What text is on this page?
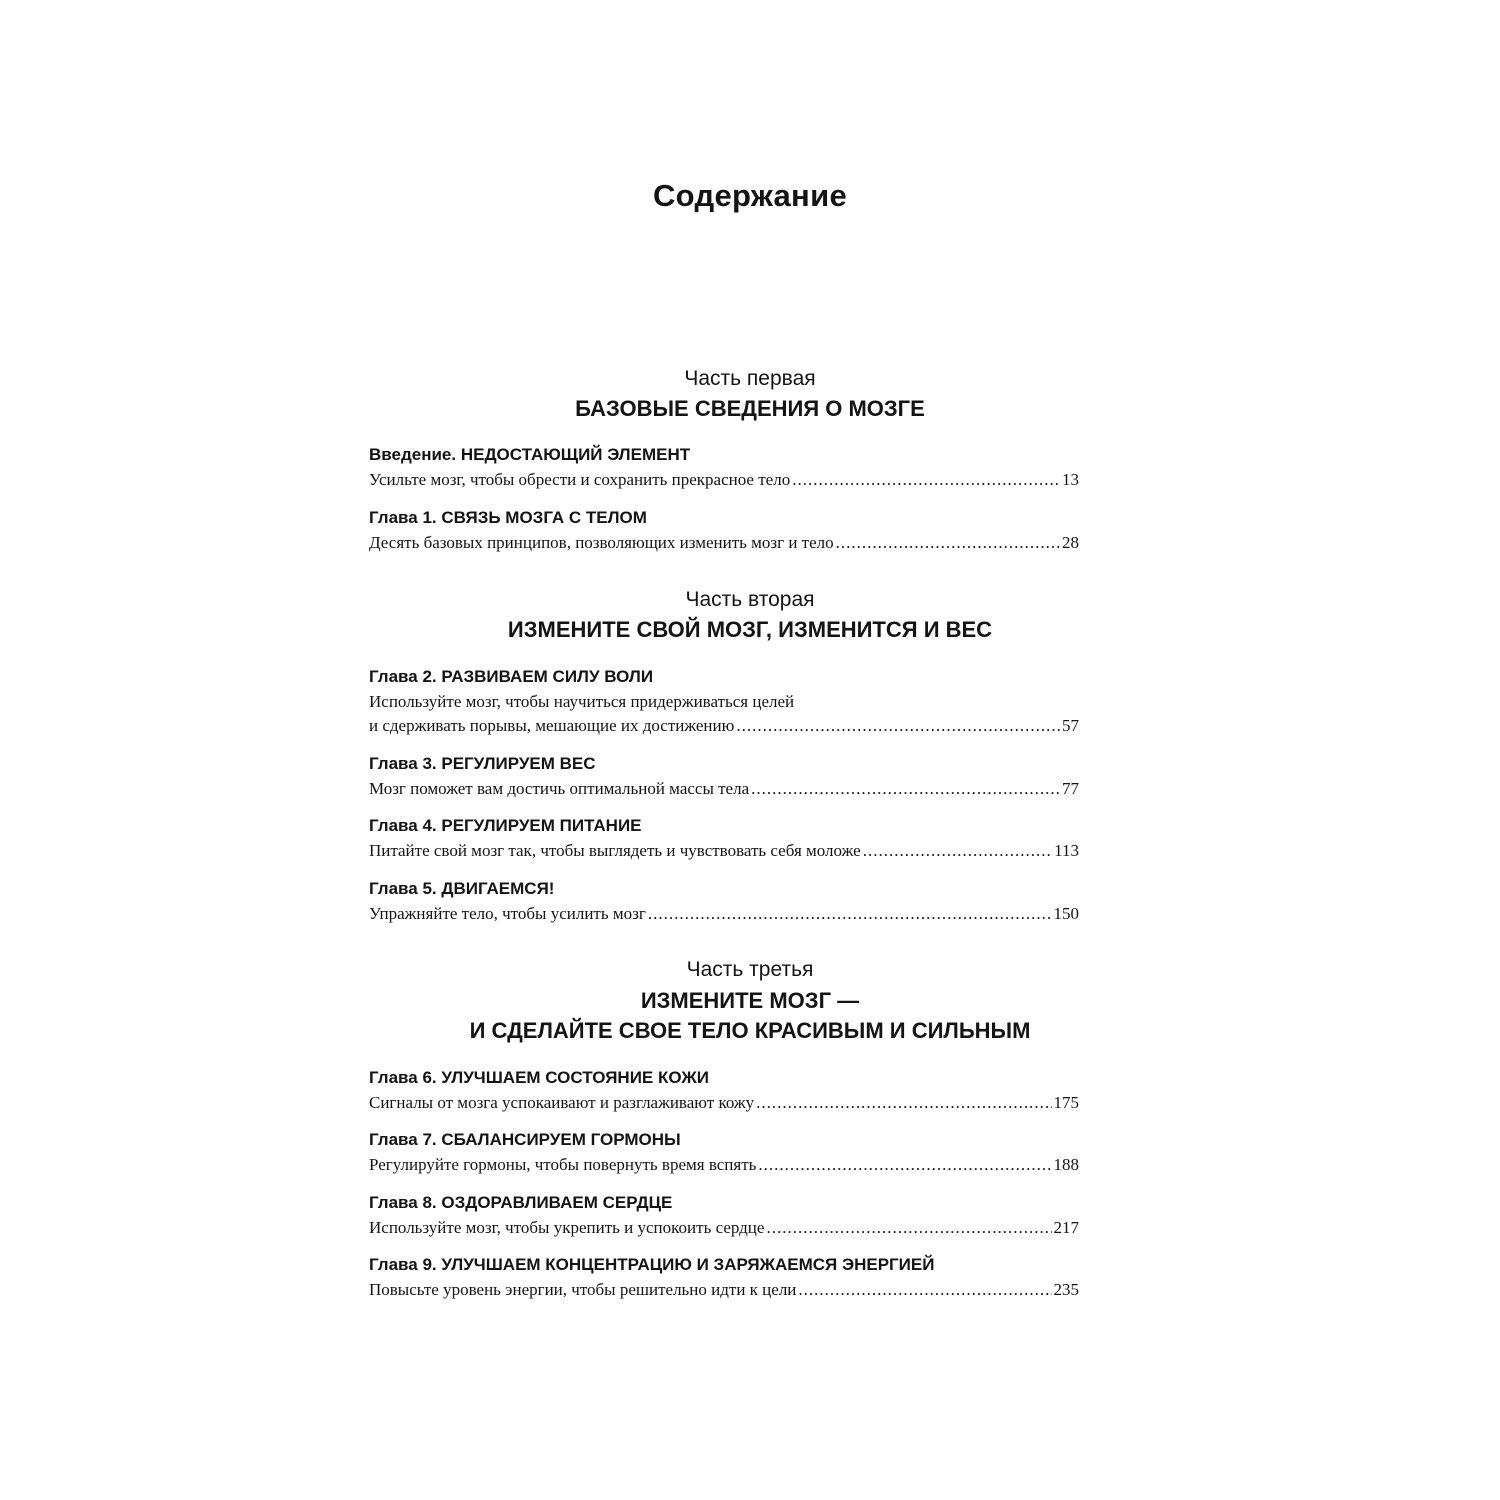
Содержание
Часть первая
БАЗОВЫЕ СВЕДЕНИЯ О МОЗГЕ
Введение. НЕДОСТАЮЩИЙ ЭЛЕМЕНТ
Усильте мозг, чтобы обрести и сохранить прекрасное тело .....	13
Глава 1. СВЯЗЬ МОЗГА С ТЕЛОМ
Десять базовых принципов, позволяющих изменить мозг и тело .....	28
Часть вторая
ИЗМЕНИТЕ СВОЙ МОЗГ, ИЗМЕНИТСЯ И ВЕС
Глава 2. РАЗВИВАЕМ СИЛУ ВОЛИ
Используйте мозг, чтобы научиться придерживаться целей
и сдерживать порывы, мешающие их достижению .....	57
Глава 3. РЕГУЛИРУЕМ ВЕС
Мозг поможет вам достичь оптимальной массы тела .....	77
Глава 4. РЕГУЛИРУЕМ ПИТАНИЕ
Питайте свой мозг так, чтобы выглядеть и чувствовать себя моложе .....	113
Глава 5. ДВИГАЕМСЯ!
Упражняйте тело, чтобы усилить мозг .....	150
Часть третья
ИЗМЕНИТЕ МОЗГ —
И СДЕЛАЙТЕ СВОЕ ТЕЛО КРАСИВЫМ И СИЛЬНЫМ
Глава 6. УЛУЧШАЕМ СОСТОЯНИЕ КОЖИ
Сигналы от мозга успокаивают и разглаживают кожу .....	175
Глава 7. СБАЛАНСИРУЕМ ГОРМОНЫ
Регулируйте гормоны, чтобы повернуть время вспять .....	188
Глава 8. ОЗДОРАВЛИВАЕМ СЕРДЦЕ
Используйте мозг, чтобы укрепить и успокоить сердце .....	217
Глава 9. УЛУЧШАЕМ КОНЦЕНТРАЦИЮ И ЗАРЯЖАЕМСЯ ЭНЕРГИЕЙ
Повысьте уровень энергии, чтобы решительно идти к цели .....	235
